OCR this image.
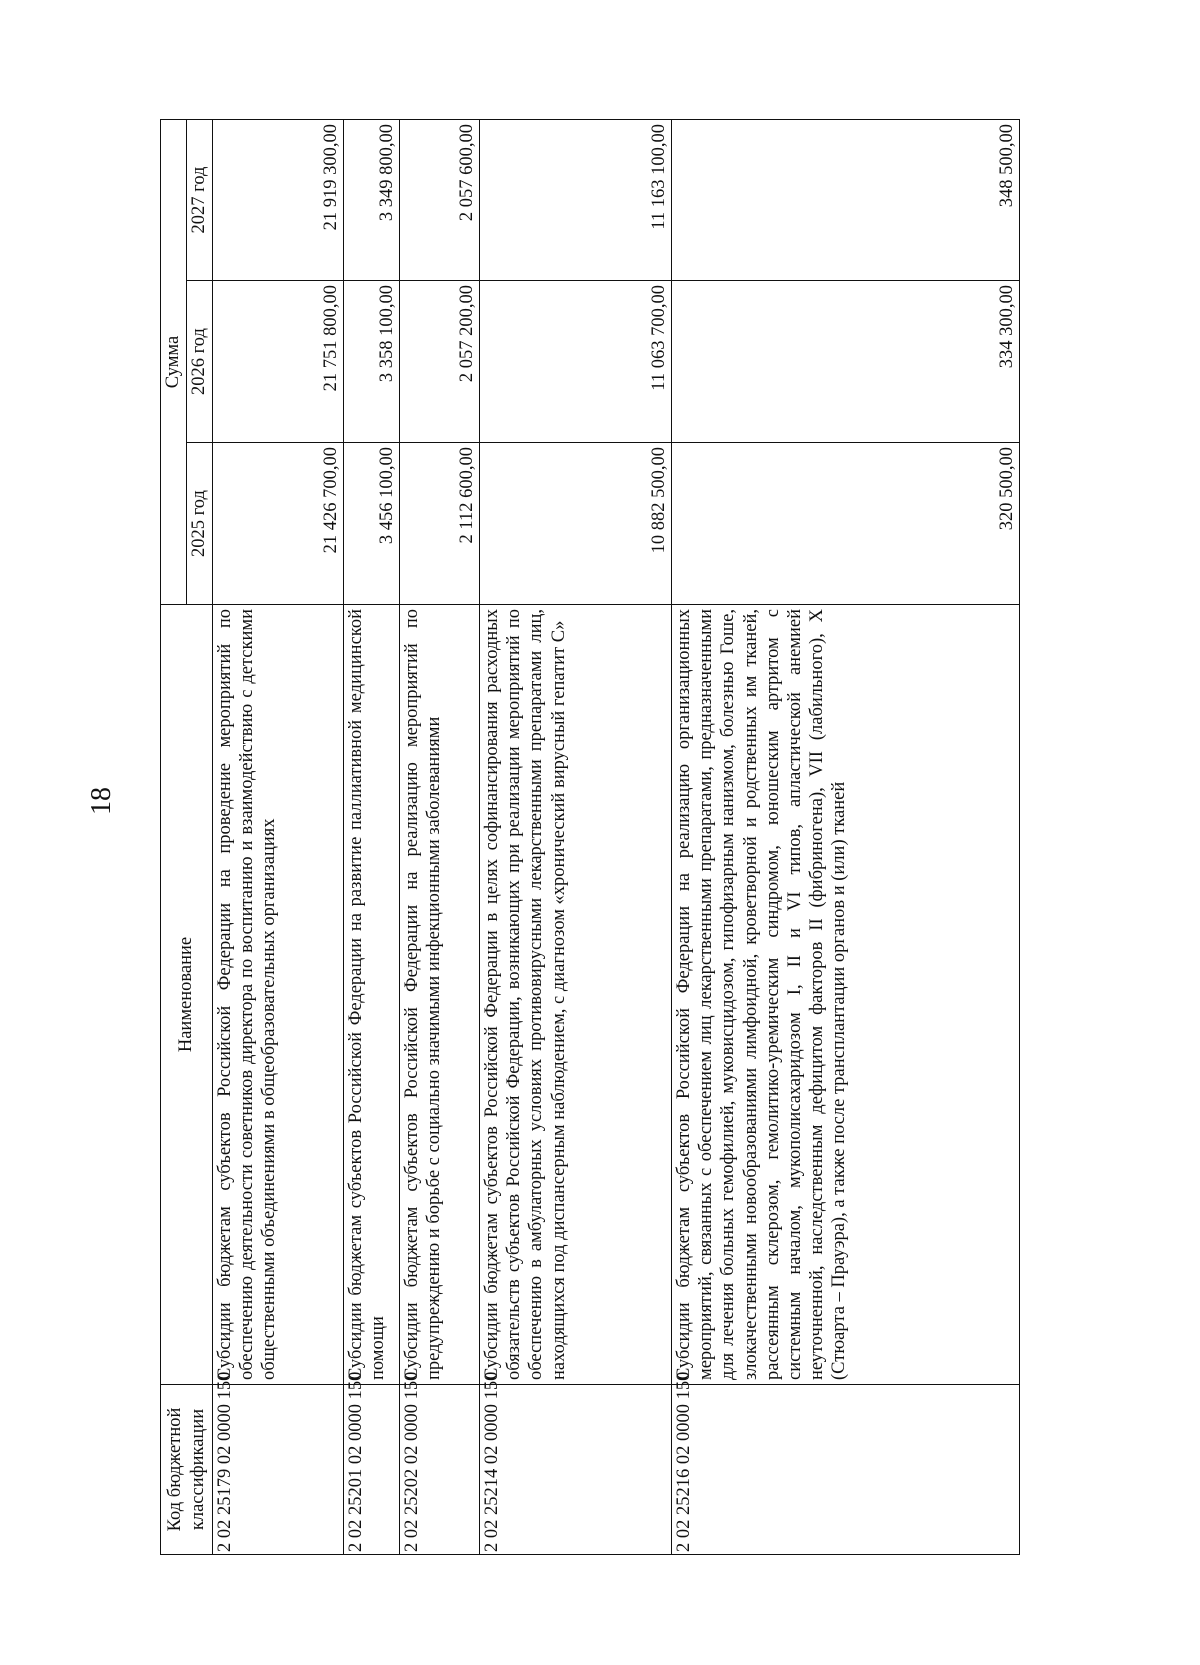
18
Код бюджетной классификации	Наименование	Сумма		
		2025 год	2026 год	2027 год
2 02 25179 02 0000 150	Субсидии бюджетам субъектов Российской Федерации на проведение мероприятий по обеспечению деятельности советников директора по воспитанию и взаимодействию с детскими общественными объединениями в общеобразовательных организациях	21 426 700,00	21 751 800,00	21 919 300,00
2 02 25201 02 0000 150	Субсидии бюджетам субъектов Российской Федерации на развитие паллиативной медицинской помощи	3 456 100,00	3 358 100,00	3 349 800,00
2 02 25202 02 0000 150	Субсидии бюджетам субъектов Российской Федерации на реализацию мероприятий по предупреждению и борьбе с социально значимыми инфекционными заболеваниями	2 112 600,00	2 057 200,00	2 057 600,00
2 02 25214 02 0000 150	Субсидии бюджетам субъектов Российской Федерации в целях софинансирования расходных обязательств субъектов Российской Федерации, возникающих при реализации мероприятий по обеспечению в амбулаторных условиях противовирусными лекарственными препаратами лиц, находящихся под диспансерным наблюдением, с диагнозом «хронический вирусный гепатит С»	10 882 500,00	11 063 700,00	11 163 100,00
2 02 25216 02 0000 150	Субсидии бюджетам субъектов Российской Федерации на реализацию организационных мероприятий, связанных с обеспечением лиц лекарственными препаратами, предназначенными для лечения больных гемофилией, муковисцидозом, гипофизарным нанизмом, болезнью Гоше, злокачественными новообразованиями лимфоидной, кроветворной и родственных им тканей, рассеянным склерозом, гемолитико-уремическим синдромом, юношеским артритом с системным началом, мукополисахаридозом I, II и VI типов, апластической анемией неуточненной, наследственным дефицитом факторов II (фибриногена), VII (лабильного), X (Стюарта – Прауэра), а также после трансплантации органов и (или) тканей	320 500,00	334 300,00	348 500,00
